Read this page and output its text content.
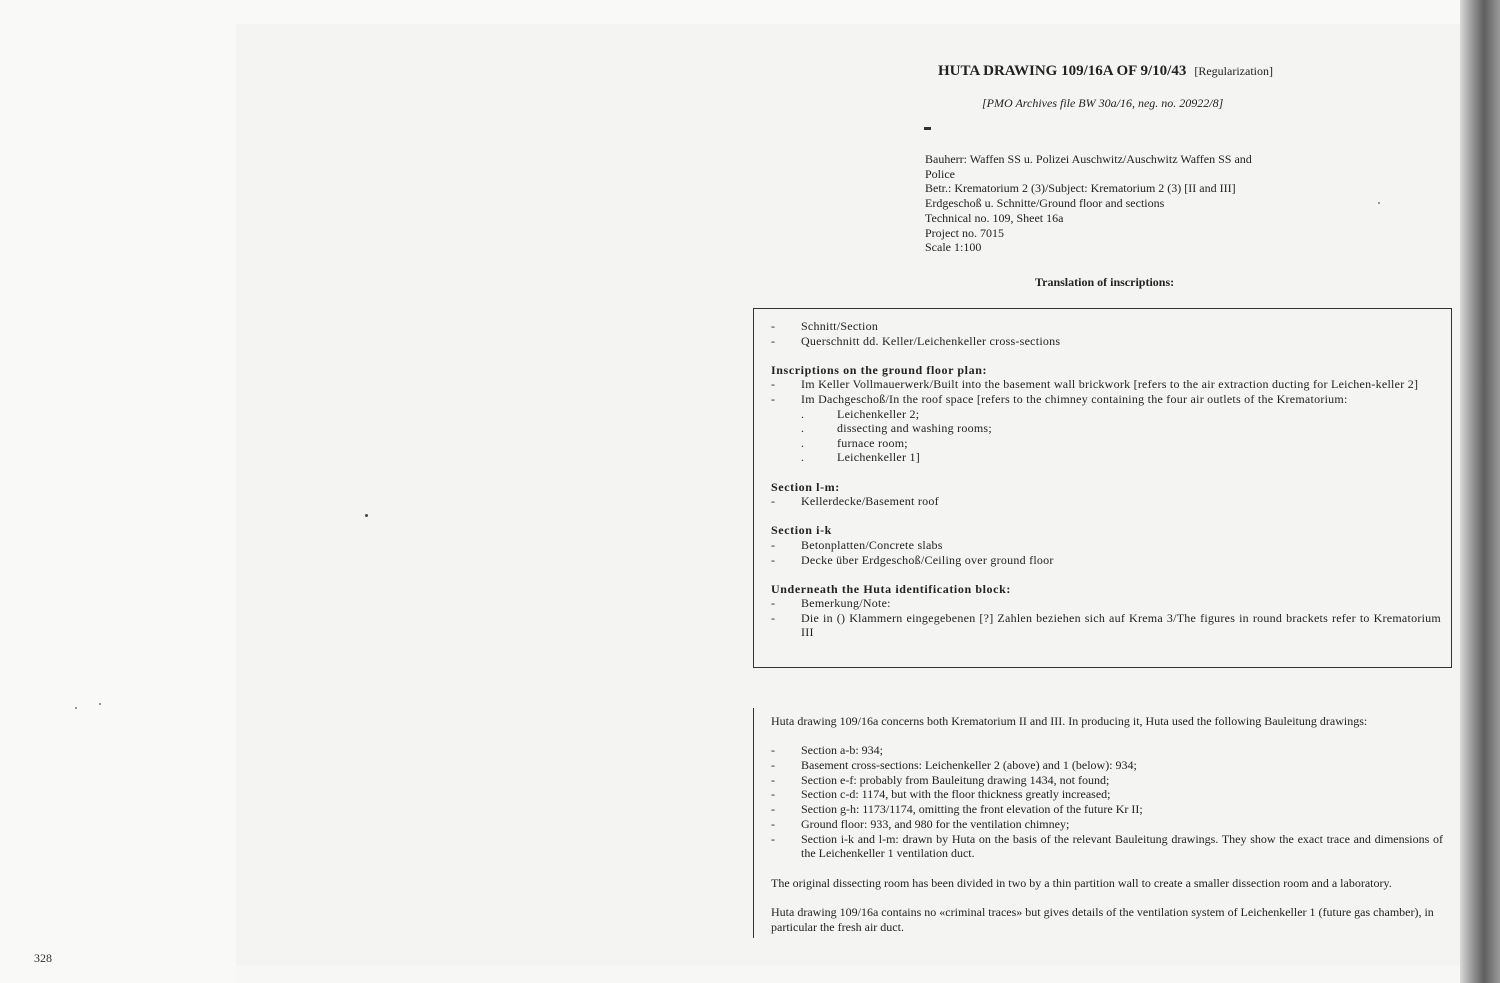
328
HUTA DRAWING 109/16A OF 9/10/43 [Regularization]
[PMO Archives file BW 30a/16, neg. no. 20922/8]
Bauherr: Waffen SS u. Polizei Auschwitz/Auschwitz Waffen SS and
Police
Betr.: Krematorium 2 (3)/Subject: Krematorium 2 (3) [II and III]
Erdgeschoß u. Schnitte/Ground floor and sections
Technical no. 109, Sheet 16a
Project no. 7015
Scale 1:100
Translation of inscriptions:
- Schnitt/Section
- Querschnitt dd. Keller/Leichenkeller cross-sections
Inscriptions on the ground floor plan:
- Im Keller Vollmauerwerk/Built into the basement wall brickwork [refers to the air extraction ducting for Leichen-keller 2]
- Im Dachgeschoß/In the roof space [refers to the chimney containing the four air outlets of the Krematorium:
.	Leichenkeller 2;
.	dissecting and washing rooms;
.	furnace room;
.	Leichenkeller 1]
Section l-m:
- Kellerdecke/Basement roof
Section i-k
- Betonplatten/Concrete slabs
- Decke über Erdgeschoß/Ceiling over ground floor
Underneath the Huta identification block:
- Bemerkung/Note:
- Die in () Klammern eingegebenen [?] Zahlen beziehen sich auf Krema 3/The figures in round brackets refer to Krematorium III
Huta drawing 109/16a concerns both Krematorium II and III. In producing it, Huta used the following Bauleitung drawings:
- Section a-b: 934;
- Basement cross-sections: Leichenkeller 2 (above) and 1 (below): 934;
- Section e-f: probably from Bauleitung drawing 1434, not found;
- Section c-d: 1174, but with the floor thickness greatly increased;
- Section g-h: 1173/1174, omitting the front elevation of the future Kr II;
- Ground floor: 933, and 980 for the ventilation chimney;
- Section i-k and l-m: drawn by Huta on the basis of the relevant Bauleitung drawings. They show the exact trace and dimensions of the Leichenkeller 1 ventilation duct.
The original dissecting room has been divided in two by a thin partition wall to create a smaller dissection room and a laboratory.
Huta drawing 109/16a contains no «criminal traces» but gives details of the ventilation system of Leichenkeller 1 (future gas chamber), in particular the fresh air duct.
